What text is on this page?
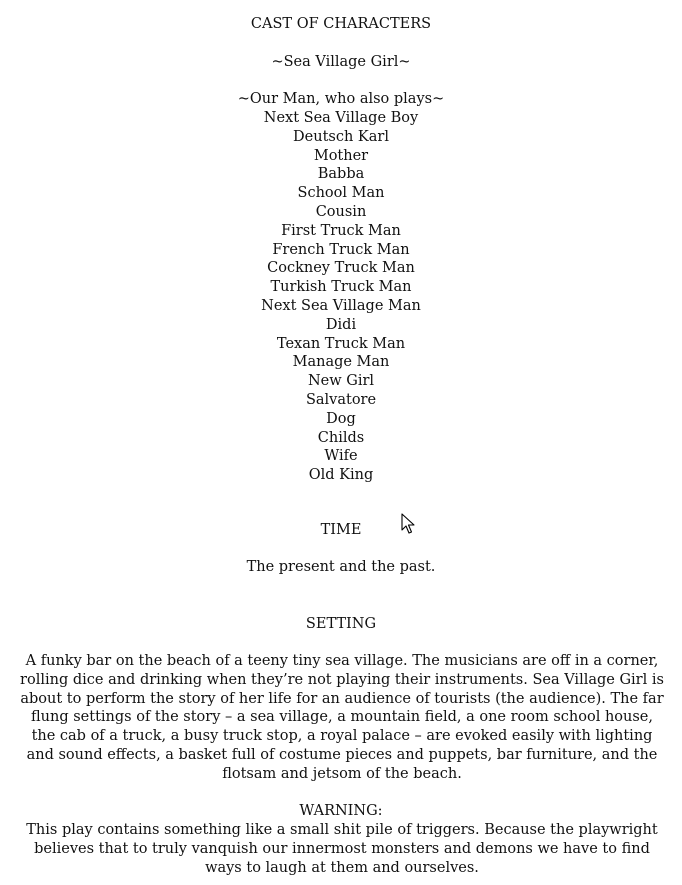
CAST OF CHARACTERS
~Sea Village Girl~
~Our Man, who also plays~
Next Sea Village Boy
Deutsch Karl
Mother
Babba
School Man
Cousin
First Truck Man
French Truck Man
Cockney Truck Man
Turkish Truck Man
Next Sea Village Man
Didi
Texan Truck Man
Manage Man
New Girl
Salvatore
Dog
Childs
Wife
Old King
TIME
The present and the past.
SETTING
A funky bar on the beach of a teeny tiny sea village. The musicians are off in a corner, rolling dice and drinking when they’re not playing their instruments. Sea Village Girl is about to perform the story of her life for an audience of tourists (the audience). The far flung settings of the story – a sea village, a mountain field, a one room school house, the cab of a truck, a busy truck stop, a royal palace – are evoked easily with lighting and sound effects, a basket full of costume pieces and puppets, bar furniture, and the flotsam and jetsom of the beach.
WARNING:
This play contains something like a small shit pile of triggers. Because the playwright believes that to truly vanquish our innermost monsters and demons we have to find ways to laugh at them and ourselves.
